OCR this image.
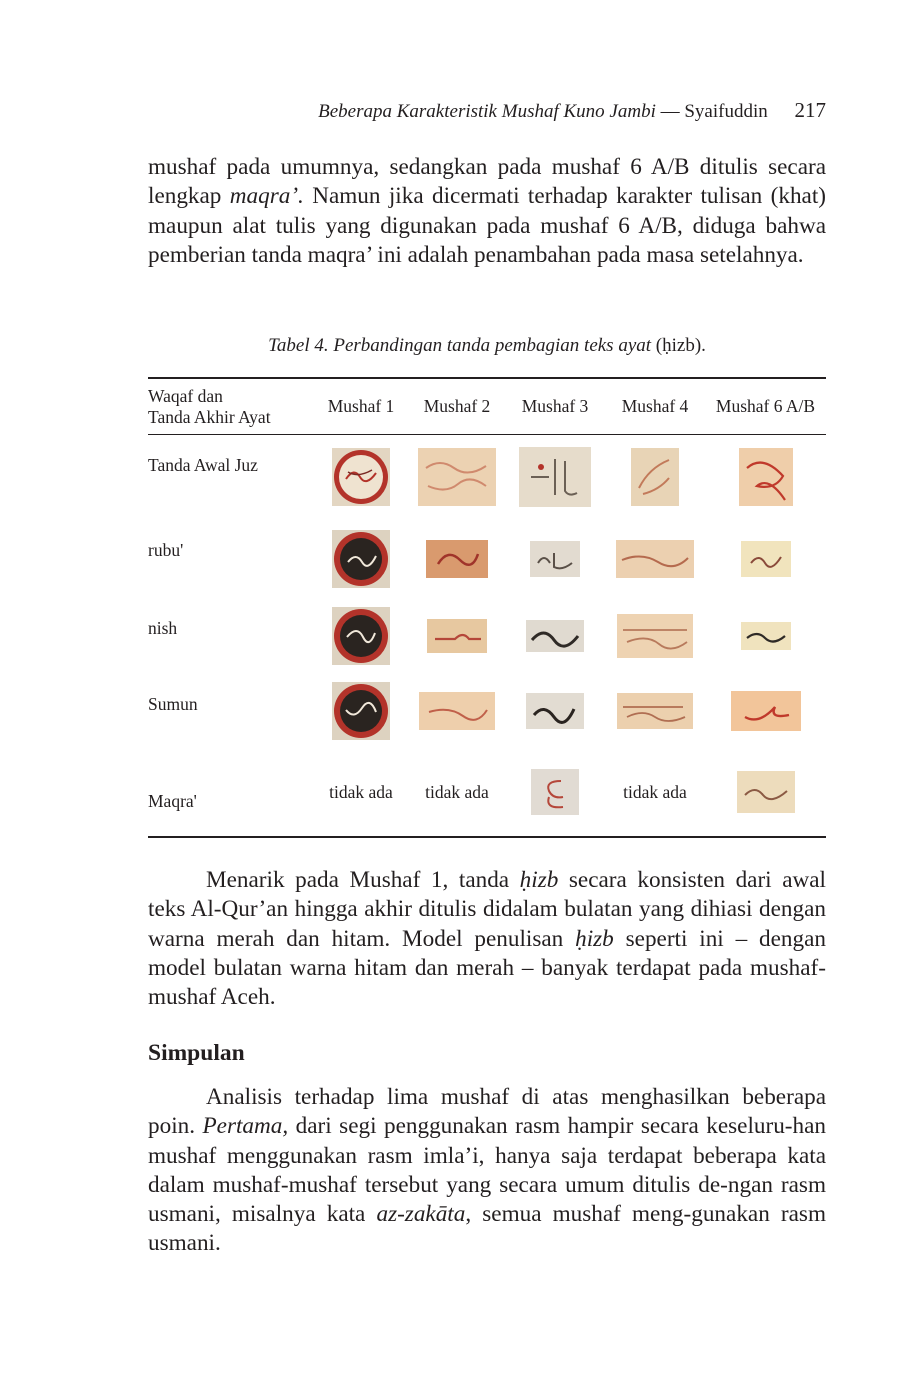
Beberapa Karakteristik Mushaf Kuno Jambi — Syaifuddin 217

mushaf pada umumnya, sedangkan pada mushaf 6 A/B ditulis secara

lengkap maqra’. Namun jika dicermati terhadap karakter tulisan (khat) maupun alat tulis yang digunakan pada mushaf 6 A/B, diduga bahwa pemberian tanda maqra’ ini adalah penambahan pada masa setelahnya.

Tabel 4. Perbandingan tanda pembagian teks ayat (ḥizb).
Waqaf dan
Tanda Akhir Ayat	Mushaf 1	Mushaf 2	Mushaf 3	Mushaf 4	Mushaf 6 A/B

Tanda Awal Juz

rubu'

nish

Sumun

Maqra'	tidak ada	tidak ada		tidak ada	

Menarik pada Mushaf 1, tanda ḥizb secara konsisten dari awal teks Al-Qur’an hingga akhir ditulis didalam bulatan yang dihiasi dengan warna merah dan hitam. Model penulisan ḥizb seperti ini – dengan model bulatan warna hitam dan merah – banyak terdapat pada mushaf-mushaf Aceh.

Simpulan

Analisis terhadap lima mushaf di atas menghasilkan beberapa poin. Pertama, dari segi penggunakan rasm hampir secara keseluru-han mushaf menggunakan rasm imla’i, hanya saja terdapat beberapa kata dalam mushaf-mushaf tersebut yang secara umum ditulis de-ngan rasm usmani, misalnya kata az-zakāta, semua mushaf meng-gunakan rasm usmani.
